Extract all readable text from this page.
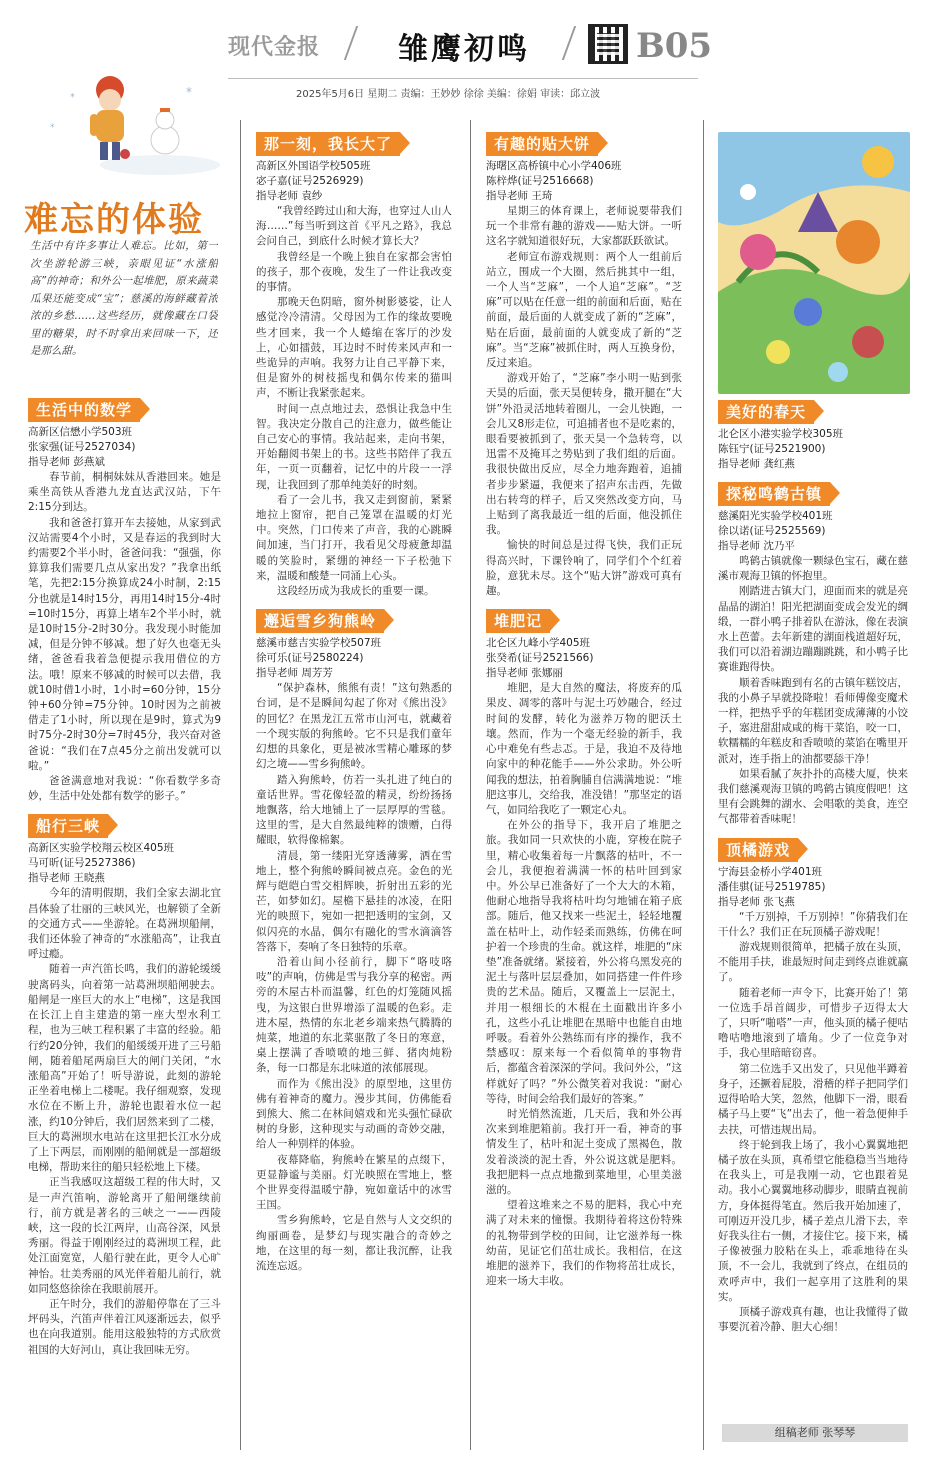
现代金报	雏鹰初鸣	B05
2025年5月6日 星期二 责编：王妙妙 徐徐 美编：徐娟 审读：邱立波
*
*
*
难忘的体验
生活中有许多事让人难忘。比如，第一次坐游轮游三峡，亲眼见证“水涨船高”的神奇；和外公一起堆肥，原来蔬菜瓜果还能变成“宝”；慈溪的海鲜藏着浓浓的乡愁……这些经历，就像藏在口袋里的糖果，时不时拿出来回味一下，还是那么甜。
生活中的数学
高新区信懋小学503班
张家强(证号2527034)
指导老师 彭燕斌

春节前，桐桐妹妹从香港回来。她是乘坐高铁从香港九龙直达武汉站，下午2:15分到达。

我和爸爸打算开车去接她，从家到武汉站需要4个小时，又是春运的我到时大约需要2个半小时，爸爸问我：“强强，你算算我们需要几点从家出发？”我拿出纸笔，先把2:15分换算成24小时制，2:15分也就是14时15分，再用14时15分-4时=10时15分，再算上堵车2个半小时，就是10时15分-2时30分。我发现小时能加减，但是分钟不够减。想了好久也毫无头绪，爸爸看我着急便提示我用借位的方法。哦！原来不够减的时候可以去借，我就10时借1小时，1小时=60分钟，15分钟+60分钟=75分钟。10时因为之前被借走了1小时，所以现在是9时，算式为9时75分-2时30分=7时45分，我兴奋对爸爸说：“我们在7点45分之前出发就可以啦。”

爸爸满意地对我说：“你看数学多奇妙，生活中处处都有数学的影子。”

船行三峡
高新区实验学校翔云校区405班
马可昕(证号2527386)
指导老师 王晓燕

今年的清明假期，我们全家去湖北宜昌体验了壮丽的三峡风光，也解锁了全新的交通方式——坐游轮。在葛洲坝船闸，我们还体验了神奇的“水涨船高”，让我直呼过瘾。

随着一声汽笛长鸣，我们的游轮缓缓驶离码头，向着第一站葛洲坝船闸驶去。船闸是一座巨大的水上“电梯”，这是我国在长江上自主建造的第一座大型水利工程，也为三峡工程积累了丰富的经验。船行约20分钟，我们的船缓缓开进了三号船闸，随着船尾两扇巨大的闸门关闭，“水涨船高”开始了！听导游说，此刻的游轮正坐着电梯上二楼呢。我仔细观察，发现水位在不断上升，游轮也跟着水位一起涨，约10分钟后，我们居然来到了二楼，巨大的葛洲坝水电站在这里把长江水分成了上下两层，而刚刚的船闸就是一部超级电梯，帮助来往的船只轻松地上下楼。

正当我感叹这超级工程的伟大时，又是一声汽笛响，游轮离开了船闸继续前行，前方就是著名的三峡之一——西陵峡，这一段的长江两岸，山高谷深，风景秀丽。得益于刚刚经过的葛洲坝工程，此处江面宽宽，人船行驶在此，更令人心旷神怡。壮美秀丽的风光伴着船儿前行，就如同悠悠徐徐在我眼前展开。

正午时分，我们的游船停靠在了三斗坪码头，汽笛声伴着江风逐渐远去，似乎也在向我道别。能用这般独特的方式欣赏祖国的大好河山，真让我回味无穷。

那一刻，我长大了
高新区外国语学校505班
宓子嘉(证号2526929)
指导老师 袁纱

“我曾经跨过山和大海，也穿过人山人海……”每当听到这首《平凡之路》，我总会问自己，到底什么时候才算长大？

我曾经是一个晚上独自在家都会害怕的孩子，那个夜晚，发生了一件让我改变的事情。

那晚天色阴暗，窗外树影婆娑，让人感觉冷冷清清。父母因为工作的缘故要晚些才回来，我一个人蜷缩在客厅的沙发上，心如擂鼓，耳边时不时传来风声和一些诡异的声响。我努力让自己平静下来，但是窗外的树枝摇曳和偶尔传来的猫叫声，不断让我紧张起来。

时间一点点地过去，恐惧让我急中生智。我决定分散自己的注意力，做些能让自己安心的事情。我站起来，走向书架，开始翻阅书架上的书。这些书陪伴了我五年，一页一页翻着，记忆中的片段一一浮现，让我回到了那单纯美好的时刻。

看了一会儿书，我又走到窗前，紧紧地拉上窗帘，把自己笼罩在温暖的灯光中。突然，门口传来了声音，我的心跳瞬间加速，当门打开，我看见父母疲惫却温暖的笑脸时，紧绷的神经一下子松弛下来，温暖和酸楚一同涌上心头。

这段经历成为我成长的重要一课。

邂逅雪乡狗熊岭
慈溪市慈吉实验学校507班
徐可乐(证号2580224)
指导老师 周芳芳

“保护森林，熊熊有责！”这句熟悉的台词，是不是瞬间勾起了你对《熊出没》的回忆？在黑龙江五常市山河屯，就藏着一个现实版的狗熊岭。它不只是我们童年幻想的具象化，更是被冰雪精心雕琢的梦幻之境——雪乡狗熊岭。

踏入狗熊岭，仿若一头扎进了纯白的童话世界。雪花像轻盈的精灵，纷纷扬扬地飘落，给大地铺上了一层厚厚的雪毯。这里的雪，是大自然最纯粹的馈赠，白得耀眼，软得像棉絮。

清晨，第一缕阳光穿透薄雾，洒在雪地上，整个狗熊岭瞬间被点亮。金色的光辉与皑皑白雪交相辉映，折射出五彩的光芒，如梦如幻。屋檐下悬挂的冰凌，在阳光的映照下，宛如一把把透明的宝剑，又似闪亮的水晶，偶尔有融化的雪水滴滴答答落下，奏响了冬日独特的乐章。

沿着山间小径前行，脚下“咯吱咯吱”的声响，仿佛是雪与我分享的秘密。两旁的木屋古朴而温馨，红色的灯笼随风摇曳，为这银白世界增添了温暖的色彩。走进木屋，热情的东北老乡端来热气腾腾的炖菜，地道的东北菜驱散了冬日的寒意，桌上摆满了香喷喷的地三鲜、猪肉炖粉条，每一口都是东北味道的浓郁展现。

而作为《熊出没》的原型地，这里仿佛有着神奇的魔力。漫步其间，仿佛能看到熊大、熊二在林间嬉戏和光头强忙碌砍树的身影，这种现实与动画的奇妙交融，给人一种别样的体验。

夜幕降临，狗熊岭在繁星的点缀下，更显静谧与美丽。灯光映照在雪地上，整个世界变得温暖宁静，宛如童话中的冰雪王国。

雪乡狗熊岭，它是自然与人文交织的绚丽画卷，是梦幻与现实融合的奇妙之地，在这里的每一刻，都让我沉醉，让我流连忘返。

有趣的贴大饼
海曙区高桥镇中心小学406班
陈梓烨(证号2516668)
指导老师 王琦

星期三的体育课上，老师说要带我们玩一个非常有趣的游戏——贴大饼。一听这名字就知道很好玩，大家都跃跃欲试。

老师宣布游戏规则：两个人一组前后站立，围成一个大圈，然后挑其中一组，一个人当“芝麻”，一个人追“芝麻”。“芝麻”可以贴在任意一组的前面和后面，贴在前面，最后面的人就变成了新的“芝麻”，贴在后面，最前面的人就变成了新的“芝麻”。当“芝麻”被抓住时，两人互换身份，反过来追。

游戏开始了，“芝麻”李小明一贴到张天昊的后面，张天昊便转身，撒开腿在“大饼”外沿灵活地转着圈儿，一会儿快跑，一会儿又8形走位，可追捕者也不是吃素的，眼看要被抓到了，张天昊一个急转弯，以迅雷不及掩耳之势贴到了我们组的后面。我很快做出反应，尽全力地奔跑着，追捕者步步紧逼，我便来了招声东击西，先做出右转弯的样子，后又突然改变方向，马上贴到了离我最近一组的后面，他没抓住我。

愉快的时间总是过得飞快，我们正玩得高兴时，下课铃响了，同学们个个红着脸，意犹未尽。这个“贴大饼”游戏可真有趣。

堆肥记
北仑区九峰小学405班
张癸希(证号2521566)
指导老师 张娜丽

堆肥，是大自然的魔法，将废弃的瓜果皮、凋零的落叶与泥土巧妙融合，经过时间的发酵，转化为滋养万物的肥沃土壤。然而，作为一个毫无经验的新手，我心中难免有些忐忑。于是，我迫不及待地向家中的种花能手——外公求助。外公听闻我的想法，拍着胸脯自信满满地说：“堆肥这事儿，交给我，准没错！”那坚定的语气，如同给我吃了一颗定心丸。

在外公的指导下，我开启了堆肥之旅。我如同一只欢快的小鹿，穿梭在院子里，精心收集着每一片飘落的枯叶，不一会儿，我便抱着满满一怀的枯叶回到家中。外公早已准备好了一个大大的木箱，他耐心地指导我将枯叶均匀地铺在箱子底部。随后，他又找来一些泥土，轻轻地覆盖在枯叶上，动作轻柔而熟练，仿佛在呵护着一个珍贵的生命。就这样，堆肥的“床垫”准备就绪。紧接着，外公将乌黑发亮的泥土与落叶层层叠加，如同搭建一件件珍贵的艺术品。随后，又覆盖上一层泥土，并用一根细长的木棍在土面戳出许多小孔，这些小孔让堆肥在黑暗中也能自由地呼吸。看着外公熟练而有序的操作，我不禁感叹：原来每一个看似简单的事物背后，都蕴含着深深的学问。我问外公，“这样就好了吗？”外公微笑着对我说：“耐心等待，时间会给我们最好的答案。”

时光悄然流逝，几天后，我和外公再次来到堆肥箱前。我打开一看，神奇的事情发生了，枯叶和泥土变成了黑褐色，散发着淡淡的泥土香，外公说这就是肥料。我把肥料一点点地撒到菜地里，心里美滋滋的。

望着这堆来之不易的肥料，我心中充满了对未来的憧憬。我期待着将这份特殊的礼物带到学校的田间，让它滋养每一株幼苗，见证它们茁壮成长。我相信，在这堆肥的滋养下，我们的作物将茁壮成长，迎来一场大丰收。

美好的春天
北仑区小港实验学校305班
陈钰宁(证号2521900)
指导老师 龚红燕
探秘鸣鹤古镇
慈溪阳光实验学校401班
徐以诺(证号2525569)
指导老师 沈乃平

鸣鹤古镇就像一颗绿色宝石，藏在慈溪市观海卫镇的怀抱里。

刚踏进古镇大门，迎面而来的就是亮晶晶的湖泊！阳光把湖面变成会发光的绸缎，一群小鸭子排着队在游泳，像在表演水上芭蕾。去年新建的湖面栈道超好玩，我们可以沿着湖边蹦蹦跳跳，和小鸭子比赛谁跑得快。

顺着香味跑到有名的古镇年糕饺店，我的小鼻子早就投降啦！看师傅像变魔术一样，把热乎乎的年糕团变成薄薄的小饺子，塞进甜甜咸咸的梅干菜馅，咬一口，软糯糯的年糕皮和香喷喷的菜馅在嘴里开派对，连手指上的油都要舔干净！

如果看腻了灰扑扑的高楼大厦，快来我们慈溪观海卫镇的鸣鹤古镇度假吧！这里有会跳舞的湖水、会唱歌的美食，连空气都带着香味呢！

顶橘游戏
宁海县金桥小学401班
潘佳骐(证号2519785)
指导老师 张飞燕

“千万别掉，千万别掉！”你猜我们在干什么？我们正在玩顶橘子游戏呢！

游戏规则很简单，把橘子放在头顶，不能用手扶，谁最短时间走到终点谁就赢了。

随着老师一声令下，比赛开始了！第一位选手昂首阔步，可惜步子迈得太大了，只听“啪嗒”一声，他头顶的橘子便咕噜咕噜地滚到了墙角。少了一位竞争对手，我心里暗暗窃喜。

第二位选手又出发了，只见他半蹲着身子，还撅着屁股，滑稽的样子把同学们逗得哈哈大笑，忽然，他脚下一滑，眼看橘子马上要“飞”出去了，他一着急便伸手去扶，可惜违规出局。

终于轮到我上场了，我小心翼翼地把橘子放在头顶，真希望它能稳稳当当地待在我头上，可是我刚一动，它也跟着晃动。我小心翼翼地移动脚步，眼睛直视前方，身体挺得笔直。然后我开始加速了，可刚迈开没几步，橘子差点儿滑下去，幸好我头往右一侧，才接住它。接下来，橘子像被强力胶粘在头上，乖乖地待在头顶，不一会儿，我就到了终点，在组员的欢呼声中，我们一起享用了这胜利的果实。

顶橘子游戏真有趣，也让我懂得了做事要沉着冷静、胆大心细！

组稿老师 张琴琴
